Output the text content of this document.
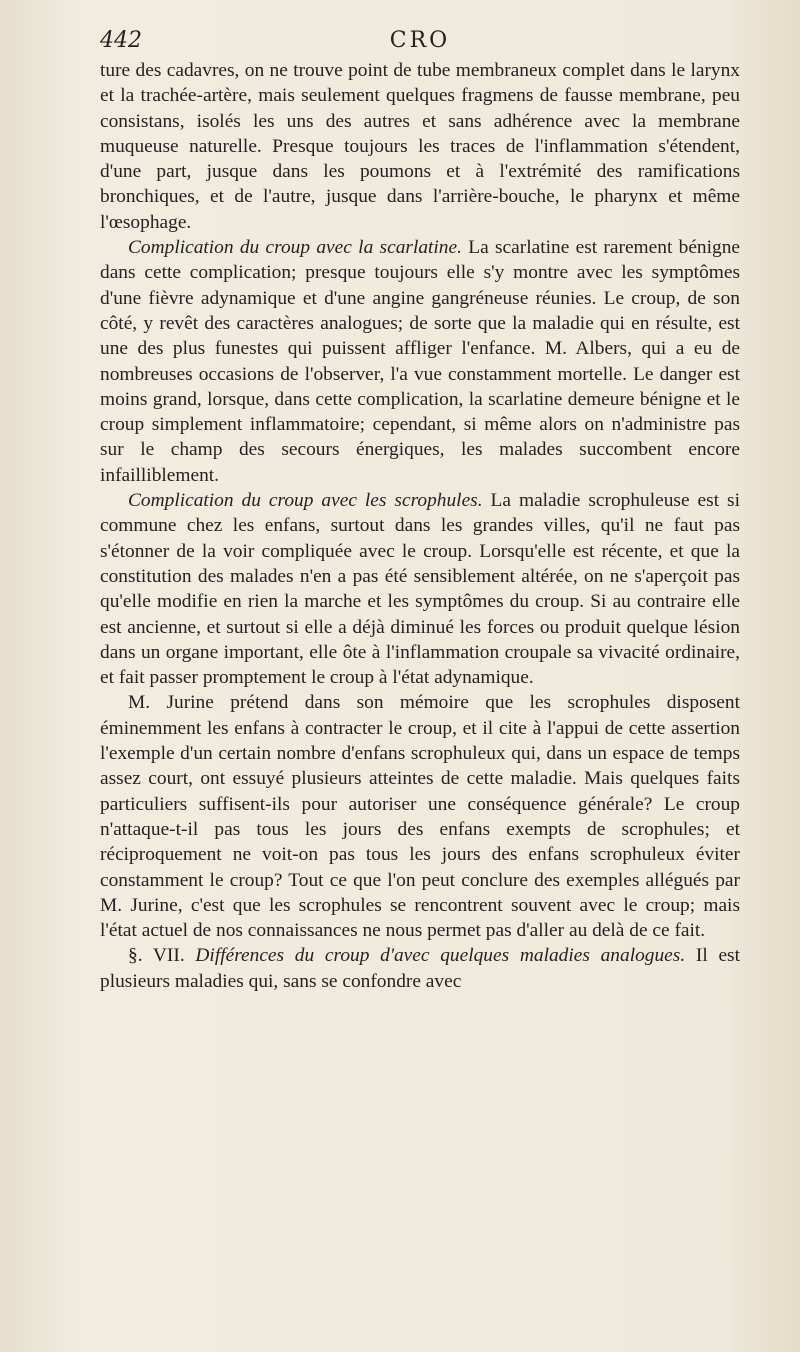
442	CRO

ture des cadavres, on ne trouve point de tube membraneux complet dans le larynx et la trachée-artère, mais seulement quelques fragmens de fausse membrane, peu consistans, isolés les uns des autres et sans adhérence avec la membrane muqueuse naturelle. Presque toujours les traces de l'inflammation s'étendent, d'une part, jusque dans les poumons et à l'extrémité des ramifications bronchiques, et de l'autre, jusque dans l'arrière-bouche, le pharynx et même l'œsophage.

Complication du croup avec la scarlatine. La scarlatine est rarement bénigne dans cette complication; presque toujours elle s'y montre avec les symptômes d'une fièvre adynamique et d'une angine gangréneuse réunies. Le croup, de son côté, y revêt des caractères analogues; de sorte que la maladie qui en résulte, est une des plus funestes qui puissent affliger l'enfance. M. Albers, qui a eu de nombreuses occasions de l'observer, l'a vue constamment mortelle. Le danger est moins grand, lorsque, dans cette complication, la scarlatine demeure bénigne et le croup simplement inflammatoire; cependant, si même alors on n'administre pas sur le champ des secours énergiques, les malades succombent encore infailliblement.

Complication du croup avec les scrophules. La maladie scrophuleuse est si commune chez les enfans, surtout dans les grandes villes, qu'il ne faut pas s'étonner de la voir compliquée avec le croup. Lorsqu'elle est récente, et que la constitution des malades n'en a pas été sensiblement altérée, on ne s'aperçoit pas qu'elle modifie en rien la marche et les symptômes du croup. Si au contraire elle est ancienne, et surtout si elle a déjà diminué les forces ou produit quelque lésion dans un organe important, elle ôte à l'inflammation croupale sa vivacité ordinaire, et fait passer promptement le croup à l'état adynamique.

M. Jurine prétend dans son mémoire que les scrophules disposent éminemment les enfans à contracter le croup, et il cite à l'appui de cette assertion l'exemple d'un certain nombre d'enfans scrophuleux qui, dans un espace de temps assez court, ont essuyé plusieurs atteintes de cette maladie. Mais quelques faits particuliers suffisent-ils pour autoriser une conséquence générale? Le croup n'attaque-t-il pas tous les jours des enfans exempts de scrophules; et réciproquement ne voit-on pas tous les jours des enfans scrophuleux éviter constamment le croup? Tout ce que l'on peut conclure des exemples allégués par M. Jurine, c'est que les scrophules se rencontrent souvent avec le croup; mais l'état actuel de nos connaissances ne nous permet pas d'aller au delà de ce fait.

§. VII. Différences du croup d'avec quelques maladies analogues. Il est plusieurs maladies qui, sans se confondre avec
